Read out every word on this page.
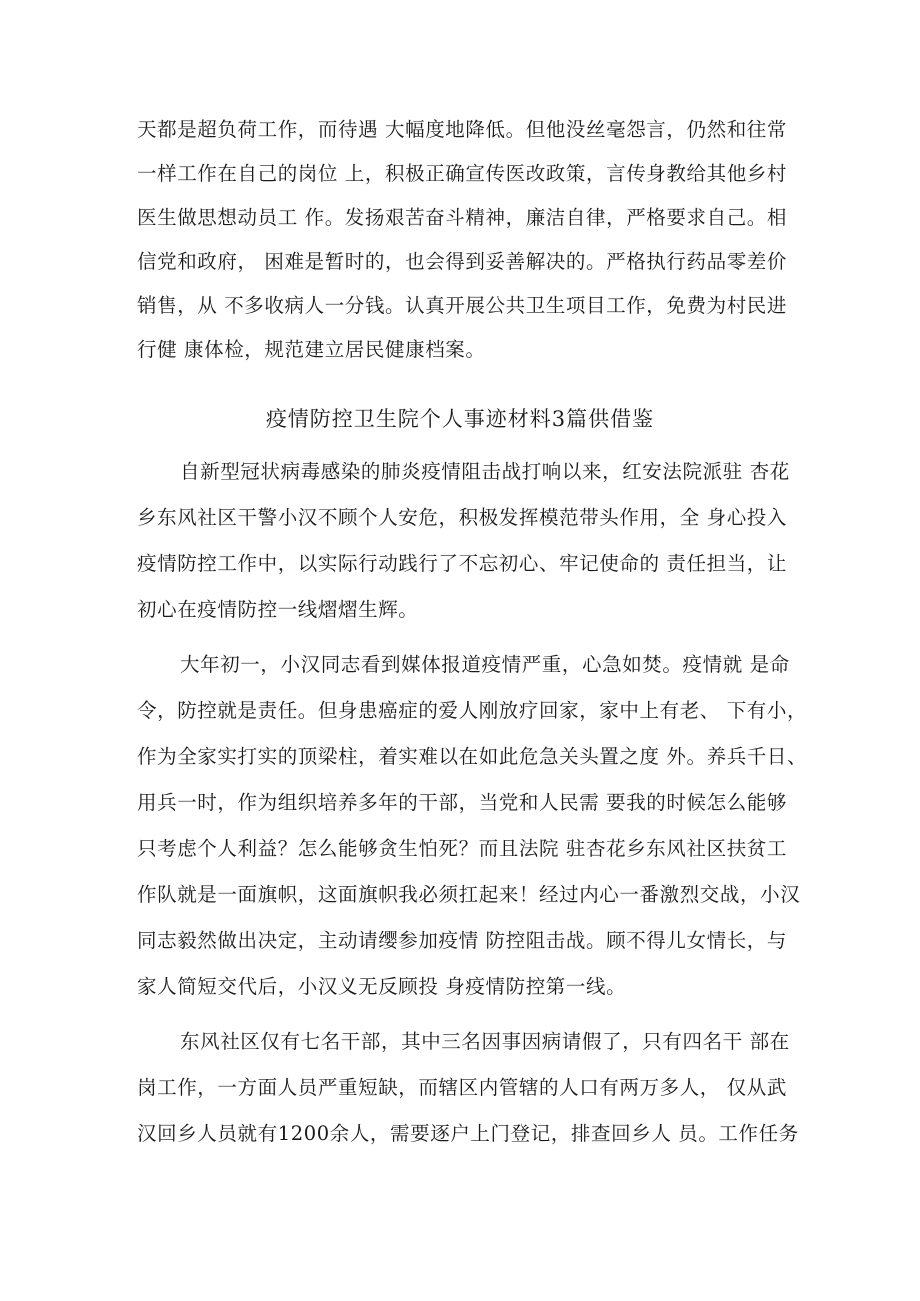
天都是超负荷工作，而待遇 大幅度地降低。但他没丝毫怨言，仍然和往常
一样工作在自己的岗位 上，积极正确宣传医改政策，言传身教给其他乡村
医生做思想动员工 作。发扬艰苦奋斗精神，廉洁自律，严格要求自己。相
信党和政府， 困难是暂时的，也会得到妥善解决的。严格执行药品零差价
销售，从 不多收病人一分钱。认真开展公共卫生项目工作，免费为村民进
行健 康体检，规范建立居民健康档案。
疫情防控卫生院个人事迹材料3篇供借鉴
自新型冠状病毒感染的肺炎疫情阻击战打响以来，红安法院派驻 杏花
乡东风社区干警小汉不顾个人安危，积极发挥模范带头作用，全 身心投入
疫情防控工作中，以实际行动践行了不忘初心、牢记使命的 责任担当，让
初心在疫情防控一线熠熠生辉。
大年初一，小汉同志看到媒体报道疫情严重，心急如焚。疫情就 是命
令，防控就是责任。但身患癌症的爱人刚放疗回家，家中上有老、 下有小，
作为全家实打实的顶梁柱，着实难以在如此危急关头置之度 外。养兵千日、
用兵一时，作为组织培养多年的干部，当党和人民需 要我的时候怎么能够
只考虑个人利益？怎么能够贪生怕死？而且法院 驻杏花乡东风社区扶贫工
作队就是一面旗帜，这面旗帜我必须扛起来！经过内心一番激烈交战，小汉
同志毅然做出决定，主动请缨参加疫情 防控阻击战。顾不得儿女情长，与
家人简短交代后，小汉义无反顾投 身疫情防控第一线。
东风社区仅有七名干部，其中三名因事因病请假了，只有四名干 部在
岗工作，一方面人员严重短缺，而辖区内管辖的人口有两万多人， 仅从武
汉回乡人员就有1200余人，需要逐户上门登记，排查回乡人 员。工作任务
